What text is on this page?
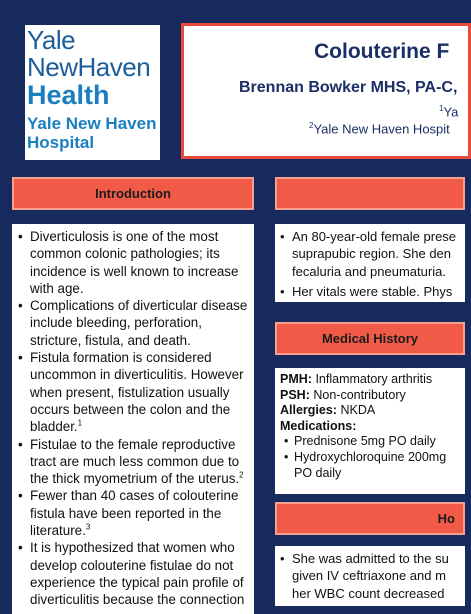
Yale
NewHaven
Health
Yale New Haven
Hospital
Colouterine F
Brennan Bowker MHS, PA-C,
$^1$Ya
$^2$Yale New Haven Hospit
Introduction
Medical History
Ho
• Diverticulosis is one of the most common colonic pathologies; its incidence is well known to increase with age.
• Complications of diverticular disease include bleeding, perforation, stricture, fistula, and death.
• Fistula formation is considered uncommon in diverticulitis. However when present, fistulization usually occurs between the colon and the bladder.$^1$
• Fistulae to the female reproductive tract are much less common due to the thick myometrium of the uterus.$^2$
• Fewer than 40 cases of colouterine fistula have been reported in the literature.$^3$
• It is hypothesized that women who develop colouterine fistulae do not experience the typical pain profile of diverticulitis because the connection
• An 80-year-old female prese
suprapubic region. She den
fecaluria and pneumaturia.
• Her vitals were stable. Phys
PMH: Inflammatory arthritis
PSH: Non-contributory
Allergies: NKDA
Medications:
• Prednisone 5mg PO daily
• Hydroxychloroquine 200mg PO daily
• She was admitted to the su
given IV ceftriaxone and m
her WBC count decreased
